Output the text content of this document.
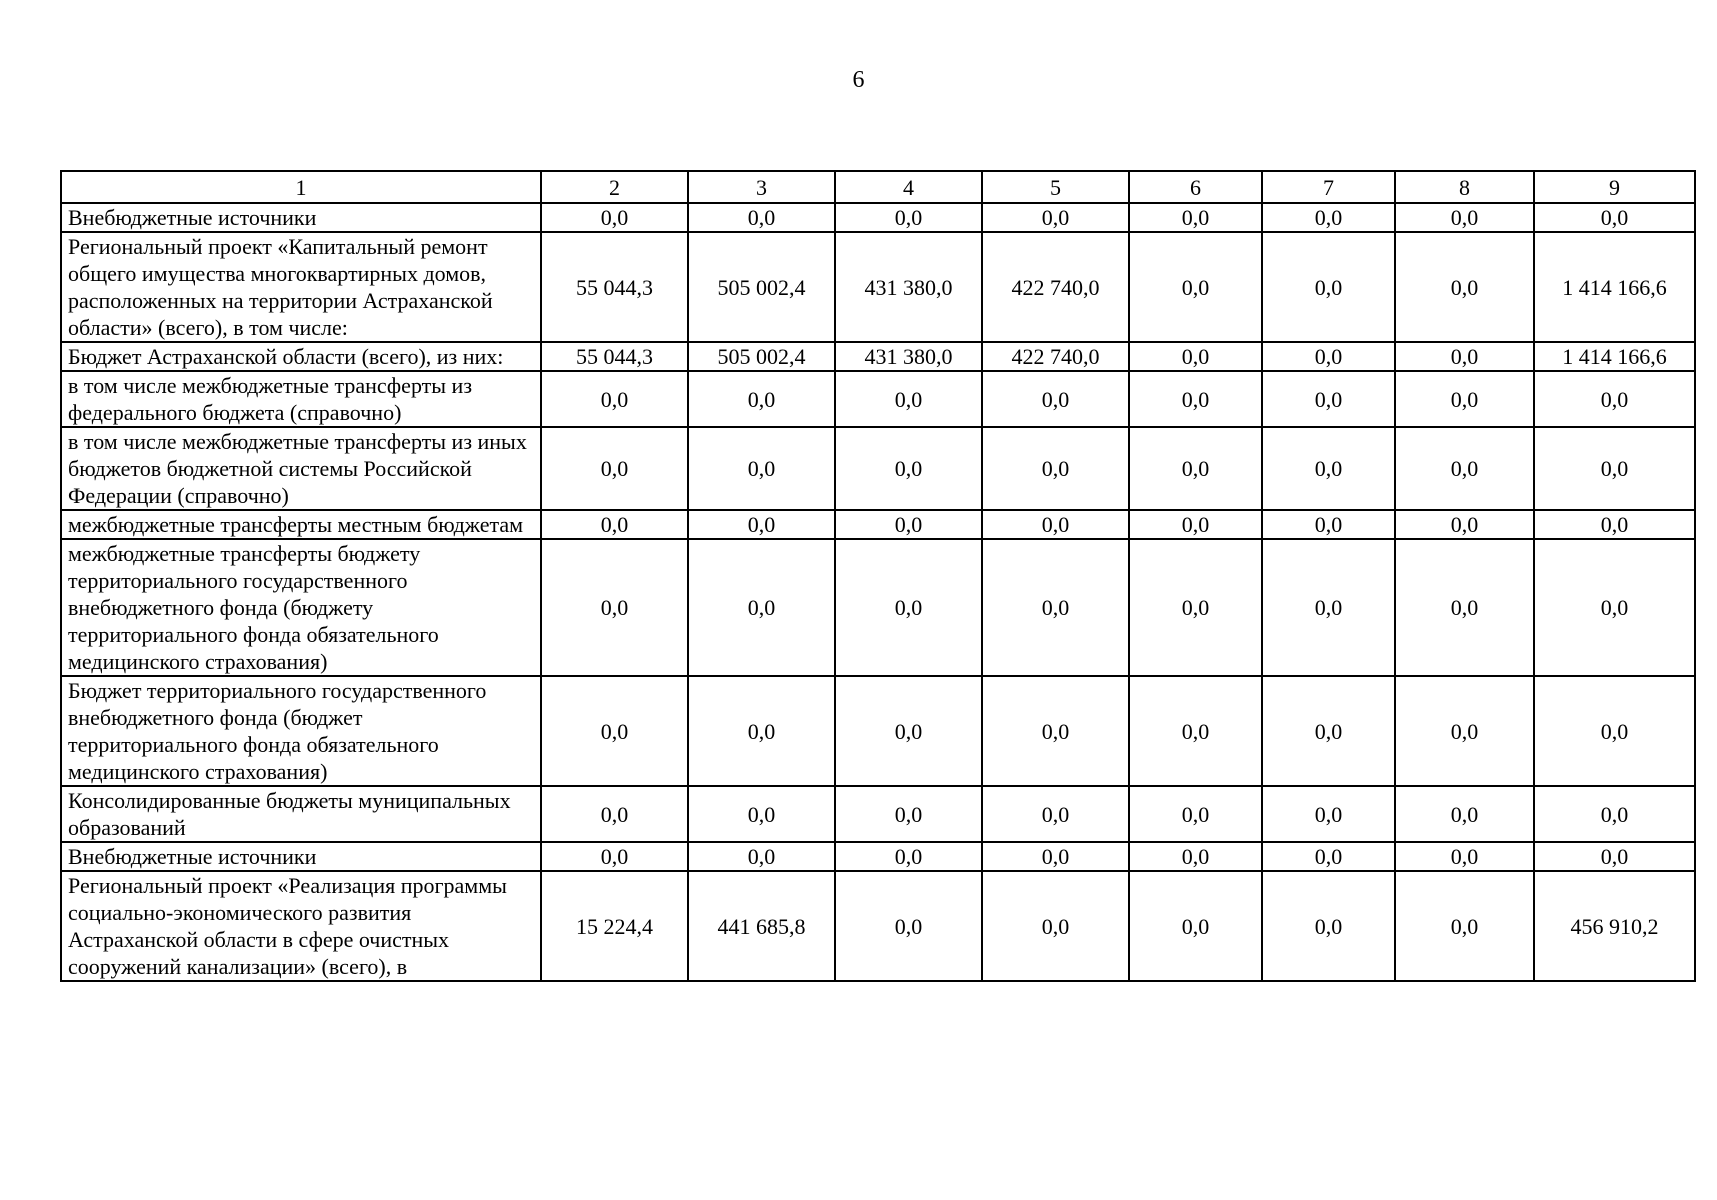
6
1	2	3	4	5	6	7	8	9
Внебюджетные источники	0,0	0,0	0,0	0,0	0,0	0,0	0,0	0,0
Региональный проект «Капитальный ремонт общего имущества многоквартирных домов, расположенных на территории Астраханской области» (всего), в том числе:	55 044,3	505 002,4	431 380,0	422 740,0	0,0	0,0	0,0	1 414 166,6
Бюджет Астраханской области (всего), из них:	55 044,3	505 002,4	431 380,0	422 740,0	0,0	0,0	0,0	1 414 166,6
в том числе межбюджетные трансферты из федерального бюджета (справочно)	0,0	0,0	0,0	0,0	0,0	0,0	0,0	0,0
в том числе межбюджетные трансферты из иных бюджетов бюджетной системы Российской Федерации (справочно)	0,0	0,0	0,0	0,0	0,0	0,0	0,0	0,0
межбюджетные трансферты местным бюджетам	0,0	0,0	0,0	0,0	0,0	0,0	0,0	0,0
межбюджетные трансферты бюджету территориального государственного внебюджетного фонда (бюджету территориального фонда обязательного медицинского страхования)	0,0	0,0	0,0	0,0	0,0	0,0	0,0	0,0
Бюджет территориального государственного внебюджетного фонда (бюджет территориального фонда обязательного медицинского страхования)	0,0	0,0	0,0	0,0	0,0	0,0	0,0	0,0
Консолидированные бюджеты муниципальных образований	0,0	0,0	0,0	0,0	0,0	0,0	0,0	0,0
Внебюджетные источники	0,0	0,0	0,0	0,0	0,0	0,0	0,0	0,0
Региональный проект «Реализация программы социально-экономического развития Астраханской области в сфере очистных сооружений канализации» (всего), в	15 224,4	441 685,8	0,0	0,0	0,0	0,0	0,0	456 910,2
